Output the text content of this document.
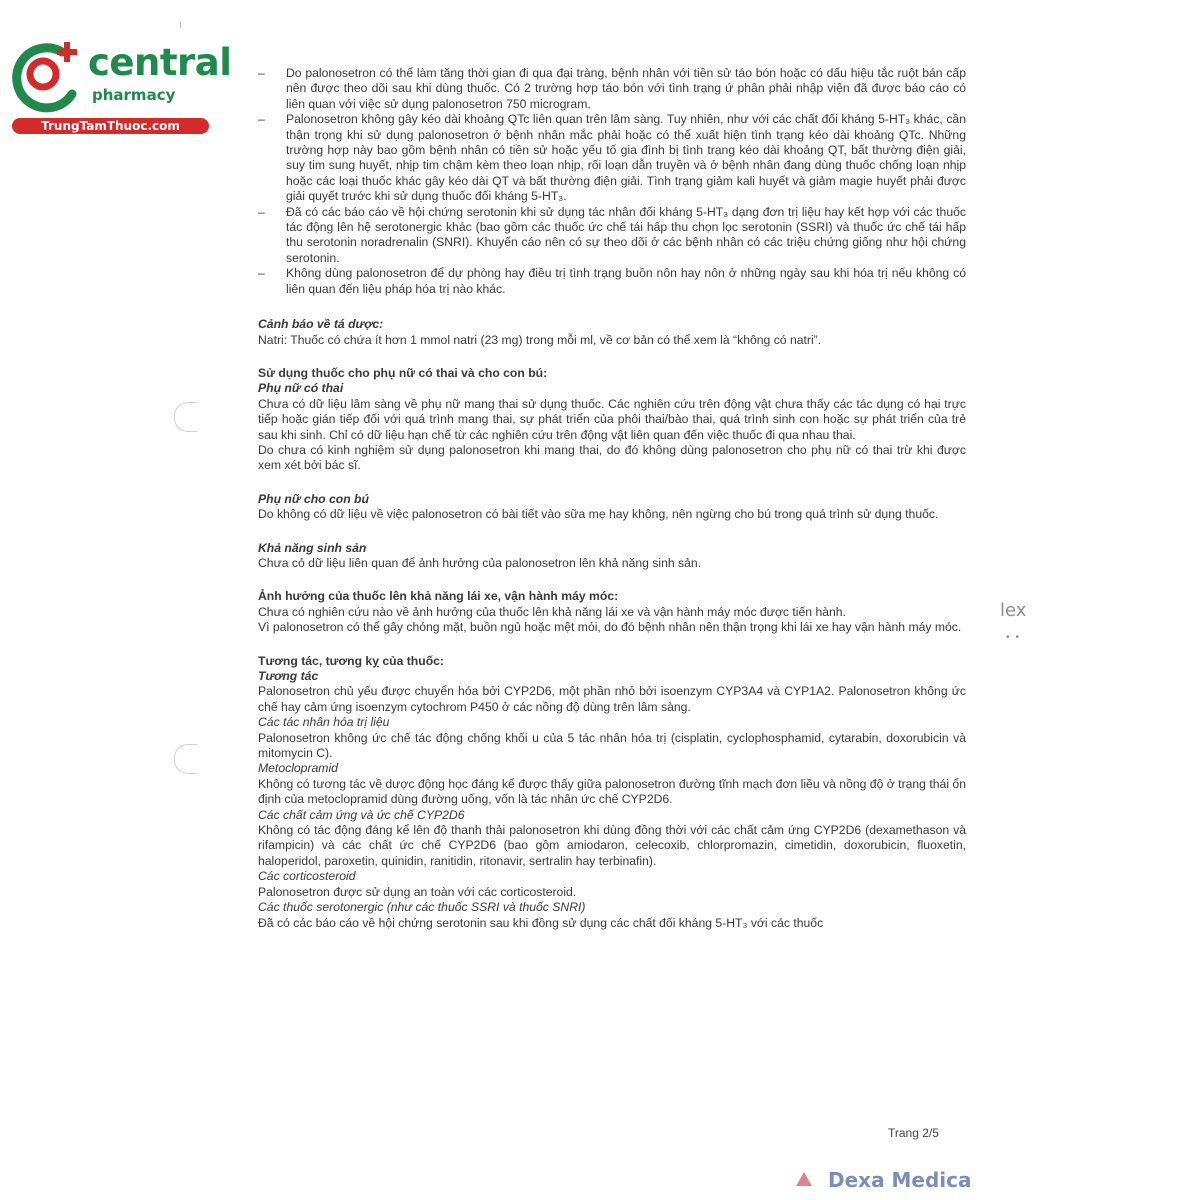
central
pharmacy
TrungTamThuoc.com
– Do palonosetron có thể làm tăng thời gian đi qua đại tràng, bệnh nhân với tiền sử táo bón hoặc có dấu hiệu tắc ruột bán cấp nên được theo dõi sau khi dùng thuốc. Có 2 trường hợp táo bón với tình trạng ứ phân phải nhập viện đã được báo cáo có liên quan với việc sử dụng palonosetron 750 microgram.
– Palonosetron không gây kéo dài khoảng QTc liên quan trên lâm sàng. Tuy nhiên, như với các chất đối kháng 5-HT₃ khác, cần thận trọng khi sử dụng palonosetron ở bệnh nhân mắc phải hoặc có thể xuất hiện tình trạng kéo dài khoảng QTc. Những trường hợp này bao gồm bệnh nhân có tiền sử hoặc yếu tố gia đình bị tình trạng kéo dài khoảng QT, bất thường điện giải, suy tim sung huyết, nhịp tim chậm kèm theo loạn nhịp, rối loạn dẫn truyền và ở bệnh nhân đang dùng thuốc chống loạn nhịp hoặc các loại thuốc khác gây kéo dài QT và bất thường điện giải. Tình trạng giảm kali huyết và giảm magie huyết phải được giải quyết trước khi sử dụng thuốc đối kháng 5-HT₃.
– Đã có các báo cáo về hội chứng serotonin khi sử dụng tác nhân đối kháng 5-HT₃ dạng đơn trị liệu hay kết hợp với các thuốc tác động lên hệ serotonergic khác (bao gồm các thuốc ức chế tái hấp thu chọn lọc serotonin (SSRI) và thuốc ức chế tái hấp thu serotonin noradrenalin (SNRI). Khuyến cáo nên có sự theo dõi ở các bệnh nhân có các triệu chứng giống như hội chứng serotonin.
– Không dùng palonosetron để dự phòng hay điều trị tình trạng buồn nôn hay nôn ở những ngày sau khi hóa trị nếu không có liên quan đến liệu pháp hóa trị nào khác.
Cảnh báo về tá dược:

Natri: Thuốc có chứa ít hơn 1 mmol natri (23 mg) trong mỗi ml, về cơ bản có thể xem là “không có natri”.

Sử dụng thuốc cho phụ nữ có thai và cho con bú:
Phụ nữ có thai

Chưa có dữ liệu lâm sàng về phụ nữ mang thai sử dụng thuốc. Các nghiên cứu trên động vật chưa thấy các tác dụng có hại trực tiếp hoặc gián tiếp đối với quá trình mang thai, sự phát triển của phôi thai/bào thai, quá trình sinh con hoặc sự phát triển của trẻ sau khi sinh. Chỉ có dữ liệu hạn chế từ các nghiên cứu trên động vật liên quan đến việc thuốc đi qua nhau thai.

Do chưa có kinh nghiệm sử dụng palonosetron khi mang thai, do đó không dùng palonosetron cho phụ nữ có thai trừ khi được xem xét bởi bác sĩ.

Phụ nữ cho con bú

Do không có dữ liệu về việc palonosetron có bài tiết vào sữa mẹ hay không, nên ngừng cho bú trong quá trình sử dụng thuốc.

Khả năng sinh sản

Chưa có dữ liệu liên quan để ảnh hưởng của palonosetron lên khả năng sinh sản.

Ảnh hưởng của thuốc lên khả năng lái xe, vận hành máy móc:

Chưa có nghiên cứu nào về ảnh hưởng của thuốc lên khả năng lái xe và vận hành máy móc được tiến hành.

Vì palonosetron có thể gây chóng mặt, buồn ngủ hoặc mệt mỏi, do đó bệnh nhân nên thận trọng khi lái xe hay vận hành máy móc.

Tương tác, tương kỵ của thuốc:
Tương tác

Palonosetron chủ yếu được chuyển hóa bởi CYP2D6, một phần nhỏ bởi isoenzym CYP3A4 và CYP1A2. Palonosetron không ức chế hay cảm ứng isoenzym cytochrom P450 ở các nồng độ dùng trên lâm sàng.

Các tác nhân hóa trị liệu

Palonosetron không ức chế tác động chống khối u của 5 tác nhân hóa trị (cisplatin, cyclophosphamid, cytarabin, doxorubicin và mitomycin C).

Metoclopramid

Không có tương tác về dược động học đáng kể được thấy giữa palonosetron đường tĩnh mạch đơn liều và nồng độ ở trạng thái ổn định của metoclopramid dùng đường uống, vốn là tác nhân ức chế CYP2D6.

Các chất cảm ứng và ức chế CYP2D6

Không có tác động đáng kể lên độ thanh thải palonosetron khi dùng đồng thời với các chất cảm ứng CYP2D6 (dexamethason và rifampicin) và các chất ức chế CYP2D6 (bao gồm amiodaron, celecoxib, chlorpromazin, cimetidin, doxorubicin, fluoxetin, haloperidol, paroxetin, quinidin, ranitidin, ritonavir, sertralin hay terbinafin).

Các corticosteroid

Palonosetron được sử dụng an toàn với các corticosteroid.

Các thuốc serotonergic (như các thuốc SSRI và thuốc SNRI)

Đã có các báo cáo về hội chứng serotonin sau khi đồng sử dụng các chất đối kháng 5-HT₃ với các thuốc

lex
••
Trang 2/5
Dexa Medica
